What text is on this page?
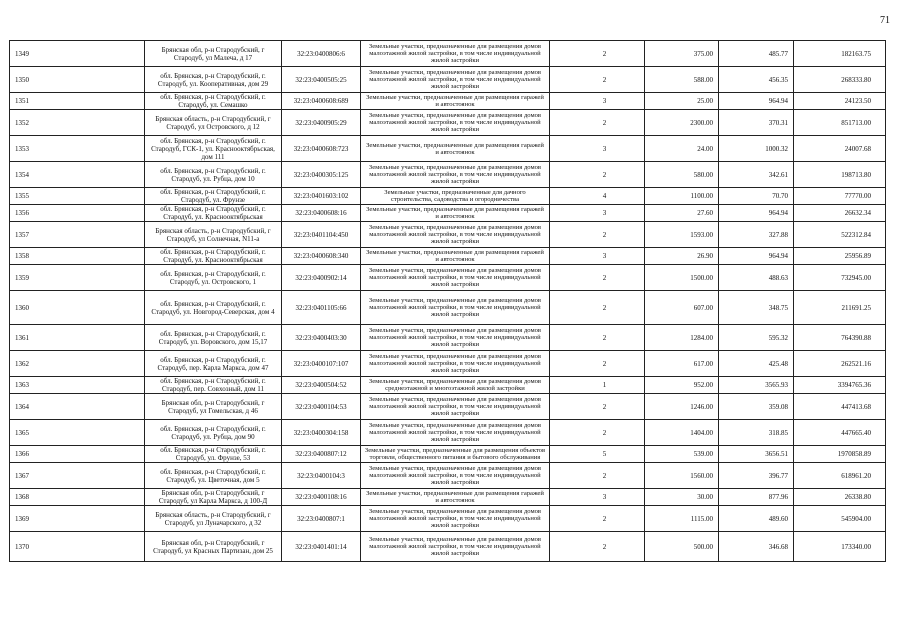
71
1349	Брянская обл, р-н Стародубский, г Стародуб, ул Малеча, д 17	32:23:0400806:6	Земельные участки, предназначенные для размещения домов малоэтажной жилой застройки, в том числе индивидуальной жилой застройки	2	375.00	485.77	182163.75
1350	обл. Брянская, р-н Стародубский, г. Стародуб, ул. Кооперативная, дом 29	32:23:0400505:25	Земельные участки, предназначенные для размещения домов малоэтажной жилой застройки, в том числе индивидуальной жилой застройки	2	588.00	456.35	268333.80
1351	обл. Брянская, р-н Стародубский, г. Стародуб, ул. Семашко	32:23:0400608:689	Земельные участки, предназначенные для размещения гаражей и автостоянок	3	25.00	964.94	24123.50
1352	Брянская область, р-н Стародубский, г Стародуб, ул Островского, д 12	32:23:0400905:29	Земельные участки, предназначенные для размещения домов малоэтажной жилой застройки, в том числе индивидуальной жилой застройки	2	2300.00	370.31	851713.00
1353	обл. Брянская, р-н Стародубский, г. Стародуб, ГСК-1, ул. Краснооктябрьская, дом 111	32:23:0400608:723	Земельные участки, предназначенные для размещения гаражей и автостоянок	3	24.00	1000.32	24007.68
1354	обл. Брянская, р-н Стародубский, г. Стародуб, ул. Рубца, дом 10	32:23:0400305:125	Земельные участки, предназначенные для размещения домов малоэтажной жилой застройки, в том числе индивидуальной жилой застройки	2	580.00	342.61	198713.80
1355	обл. Брянская, р-н Стародубский, г. Стародуб, ул. Фрунзе	32:23:0401603:102	Земельные участки, предназначенные для дачного строительства, садоводства и огородничества	4	1100.00	70.70	77770.00
1356	обл. Брянская, р-н Стародубский, г. Стародуб, ул. Краснооктябрьская	32:23:0400608:16	Земельные участки, предназначенные для размещения гаражей и автостоянок	3	27.60	964.94	26632.34
1357	Брянская область, р-н Стародубский, г Стародуб, ул Солнечная, N11-а	32:23:0401104:450	Земельные участки, предназначенные для размещения домов малоэтажной жилой застройки, в том числе индивидуальной жилой застройки	2	1593.00	327.88	522312.84
1358	обл. Брянская, р-н Стародубский, г. Стародуб, ул. Краснооктябрьская	32:23:0400608:340	Земельные участки, предназначенные для размещения гаражей и автостоянок	3	26.90	964.94	25956.89
1359	обл. Брянская, р-н Стародубский, г. Стародуб, ул. Островского, 1	32:23:0400902:14	Земельные участки, предназначенные для размещения домов малоэтажной жилой застройки, в том числе индивидуальной жилой застройки	2	1500.00	488.63	732945.00
1360	обл. Брянская, р-н Стародубский, г. Стародуб, ул. Новгород-Северская, дом 4	32:23:0401105:66	Земельные участки, предназначенные для размещения домов малоэтажной жилой застройки, в том числе индивидуальной жилой застройки	2	607.00	348.75	211691.25
1361	обл. Брянская, р-н Стародубский, г. Стародуб, ул. Воровского, дом 15,17	32:23:0400403:30	Земельные участки, предназначенные для размещения домов малоэтажной жилой застройки, в том числе индивидуальной жилой застройки	2	1284.00	595.32	764390.88
1362	обл. Брянская, р-н Стародубский, г. Стародуб, пер. Карла Маркса, дом 47	32:23:0400107:107	Земельные участки, предназначенные для размещения домов малоэтажной жилой застройки, в том числе индивидуальной жилой застройки	2	617.00	425.48	262521.16
1363	обл. Брянская, р-н Стародубский, г. Стародуб, пер. Совхозный, дом 11	32:23:0400504:52	Земельные участки, предназначенные для размещения домов среднеэтажной и многоэтажной жилой застройки	1	952.00	3565.93	3394765.36
1364	Брянская обл, р-н Стародубский, г Стародуб, ул Гомельская, д 46	32:23:0400104:53	Земельные участки, предназначенные для размещения домов малоэтажной жилой застройки, в том числе индивидуальной жилой застройки	2	1246.00	359.08	447413.68
1365	обл. Брянская, р-н Стародубский, г. Стародуб, ул. Рубца, дом 90	32:23:0400304:158	Земельные участки, предназначенные для размещения домов малоэтажной жилой застройки, в том числе индивидуальной жилой застройки	2	1404.00	318.85	447665.40
1366	обл. Брянская, р-н Стародубский, г. Стародуб, ул. Фрунзе, 53	32:23:0400807:12	Земельные участки, предназначенные для размещения объектов торговли, общественного питания и бытового обслуживания	5	539.00	3656.51	1970858.89
1367	обл. Брянская, р-н Стародубский, г. Стародуб, ул. Цветочная, дом 5	32:23:0400104:3	Земельные участки, предназначенные для размещения домов малоэтажной жилой застройки, в том числе индивидуальной жилой застройки	2	1560.00	396.77	618961.20
1368	Брянская обл, р-н Стародубский, г Стародуб, ул Карла Маркса, д 100-Д	32:23:0400108:16	Земельные участки, предназначенные для размещения гаражей и автостоянок	3	30.00	877.96	26338.80
1369	Брянская область, р-н Стародубский, г Стародуб, ул Луначарского, д 32	32:23:0400807:1	Земельные участки, предназначенные для размещения домов малоэтажной жилой застройки, в том числе индивидуальной жилой застройки	2	1115.00	489.60	545904.00
1370	Брянская обл, р-н Стародубский, г Стародуб, ул Красных Партизан, дом 25	32:23:0401401:14	Земельные участки, предназначенные для размещения домов малоэтажной жилой застройки, в том числе индивидуальной жилой застройки	2	500.00	346.68	173340.00
